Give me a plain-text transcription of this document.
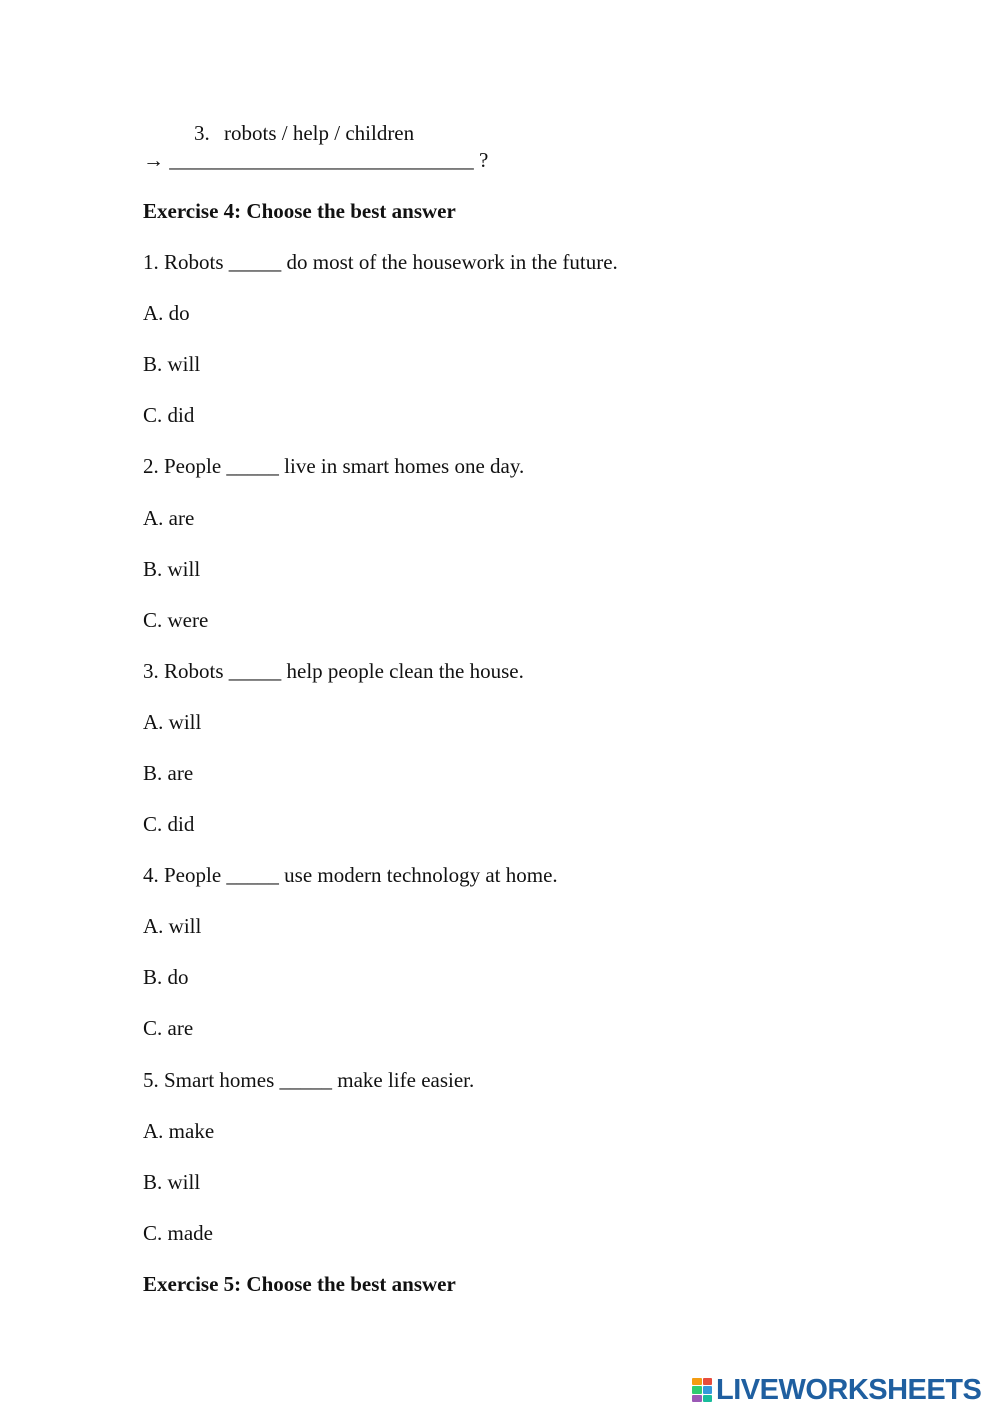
3. robots / help / children

→ _____________________________ ?
Exercise 4: Choose the best answer
1. Robots _____ do most of the housework in the future.
A. do
B. will
C. did
2. People _____ live in smart homes one day.
A. are
B. will
C. were
3. Robots _____ help people clean the house.
A. will
B. are
C. did
4. People _____ use modern technology at home.
A. will
B. do
C. are
5. Smart homes _____ make life easier.
A. make
B. will
C. made
Exercise 5: Choose the best answer
LIVEWORKSHEETS
